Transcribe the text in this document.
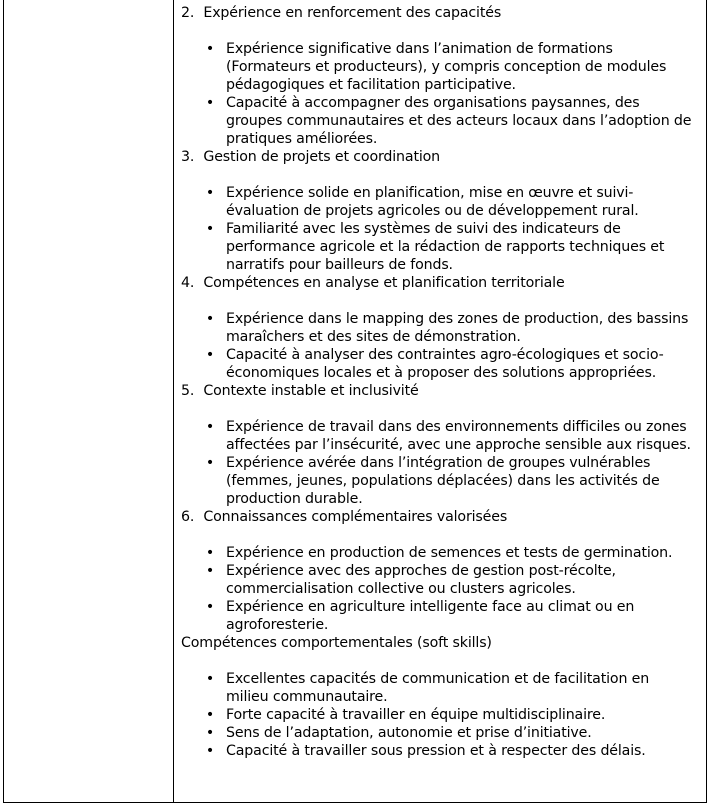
2. Expérience en renforcement des capacités

• Expérience significative dans l’animation de formations (Formateurs et producteurs), y compris conception de modules pédagogiques et facilitation participative.
• Capacité à accompagner des organisations paysannes, des groupes communautaires et des acteurs locaux dans l’adoption de pratiques améliorées.

3. Gestion de projets et coordination

• Expérience solide en planification, mise en œuvre et suivi-évaluation de projets agricoles ou de développement rural.
• Familiarité avec les systèmes de suivi des indicateurs de performance agricole et la rédaction de rapports techniques et narratifs pour bailleurs de fonds.

4. Compétences en analyse et planification territoriale

• Expérience dans le mapping des zones de production, des bassins maraîchers et des sites de démonstration.
• Capacité à analyser des contraintes agro-écologiques et socio-économiques locales et à proposer des solutions appropriées.

5. Contexte instable et inclusivité

• Expérience de travail dans des environnements difficiles ou zones affectées par l’insécurité, avec une approche sensible aux risques.
• Expérience avérée dans l’intégration de groupes vulnérables (femmes, jeunes, populations déplacées) dans les activités de production durable.

6. Connaissances complémentaires valorisées

• Expérience en production de semences et tests de germination.
• Expérience avec des approches de gestion post-récolte, commercialisation collective ou clusters agricoles.
• Expérience en agriculture intelligente face au climat ou en agroforesterie.

Compétences comportementales (soft skills)

• Excellentes capacités de communication et de facilitation en milieu communautaire.
• Forte capacité à travailler en équipe multidisciplinaire.
• Sens de l’adaptation, autonomie et prise d’initiative.
• Capacité à travailler sous pression et à respecter des délais.
